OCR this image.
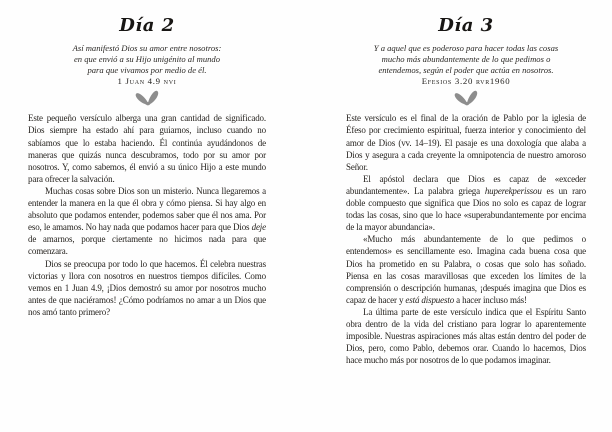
Día 2
Así manifestó Dios su amor entre nosotros:
en que envió a su Hijo unigénito al mundo
para que vivamos por medio de él.
1 Juan 4.9 nvi

Este pequeño versículo alberga una gran cantidad de significado. Dios siempre ha estado ahí para guiarnos, incluso cuando no sabíamos que lo estaba haciendo. Él continúa ayudándonos de maneras que quizás nunca descubramos, todo por su amor por nosotros. Y, como sabemos, él envió a su único Hijo a este mundo para ofrecer la salvación.

Muchas cosas sobre Dios son un misterio. Nunca llegaremos a entender la manera en la que él obra y cómo piensa. Si hay algo en absoluto que podamos entender, podemos saber que él nos ama. Por eso, le amamos. No hay nada que podamos hacer para que Dios deje de amarnos, porque ciertamente no hicimos nada para que comenzara.

Dios se preocupa por todo lo que hacemos. Él celebra nuestras victorias y llora con nosotros en nuestros tiempos difíciles. Como vemos en 1 Juan 4.9, ¡Dios demostró su amor por nosotros mucho antes de que naciéramos! ¿Cómo podríamos no amar a un Dios que nos amó tanto primero?

Día 3
Y a aquel que es poderoso para hacer todas las cosas
mucho más abundantemente de lo que pedimos o
entendemos, según el poder que actúa en nosotros.
Efesios 3.20 rvr1960

Este versículo es el final de la oración de Pablo por la iglesia de Éfeso por crecimiento espiritual, fuerza interior y conocimiento del amor de Dios (vv. 14–19). El pasaje es una doxología que alaba a Dios y asegura a cada creyente la omnipotencia de nuestro amoroso Señor.

El apóstol declara que Dios es capaz de «exceder abundantemente». La palabra griega huperekperissou es un raro doble compuesto que significa que Dios no solo es capaz de lograr todas las cosas, sino que lo hace «superabundantemente por encima de la mayor abundancia».

«Mucho más abundantemente de lo que pedimos o entendemos» es sencillamente eso. Imagina cada buena cosa que Dios ha prometido en su Palabra, o cosas que solo has soñado. Piensa en las cosas maravillosas que exceden los límites de la comprensión o descripción humanas, ¡después imagina que Dios es capaz de hacer y está dispuesto a hacer incluso más!

La última parte de este versículo indica que el Espíritu Santo obra dentro de la vida del cristiano para lograr lo aparentemente imposible. Nuestras aspiraciones más altas están dentro del poder de Dios, pero, como Pablo, debemos orar. Cuando lo hacemos, Dios hace mucho más por nosotros de lo que podamos imaginar.
